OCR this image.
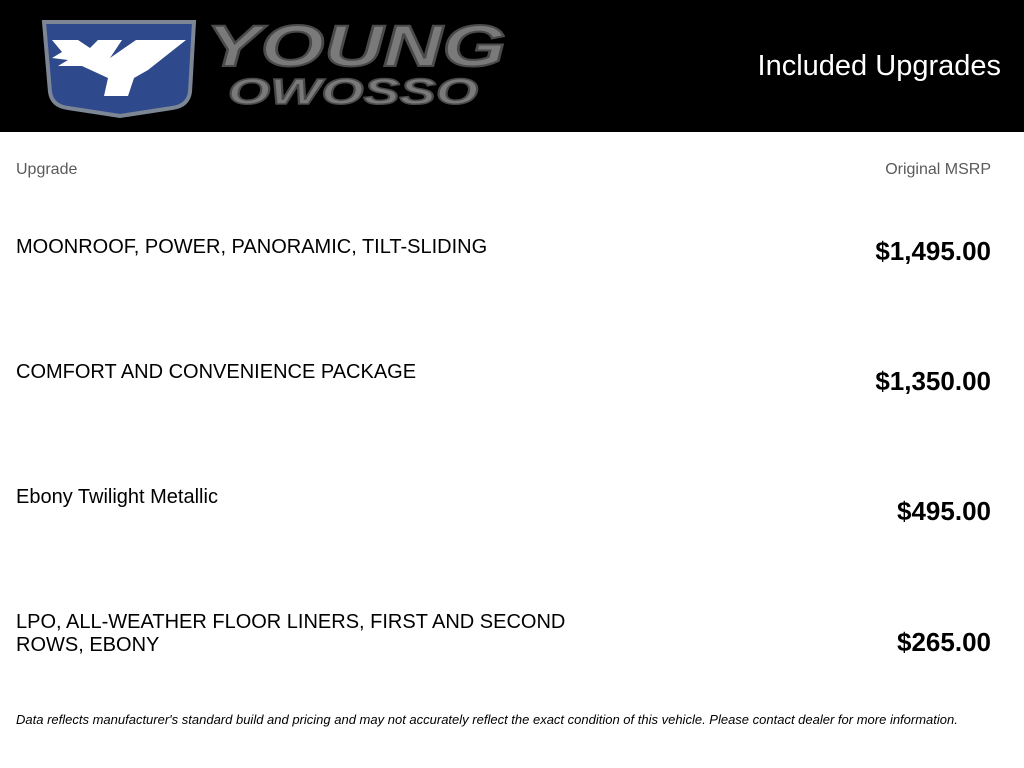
YOUNG
OWOSSO
Included Upgrades
Upgrade	Original MSRP
MOONROOF, POWER, PANORAMIC, TILT-SLIDING	$1,495.00
COMFORT AND CONVENIENCE PACKAGE	$1,350.00
Ebony Twilight Metallic	$495.00
LPO, ALL-WEATHER FLOOR LINERS, FIRST AND SECOND ROWS, EBONY	$265.00
Data reflects manufacturer's standard build and pricing and may not accurately reflect the exact condition of this vehicle. Please contact dealer for more information.
